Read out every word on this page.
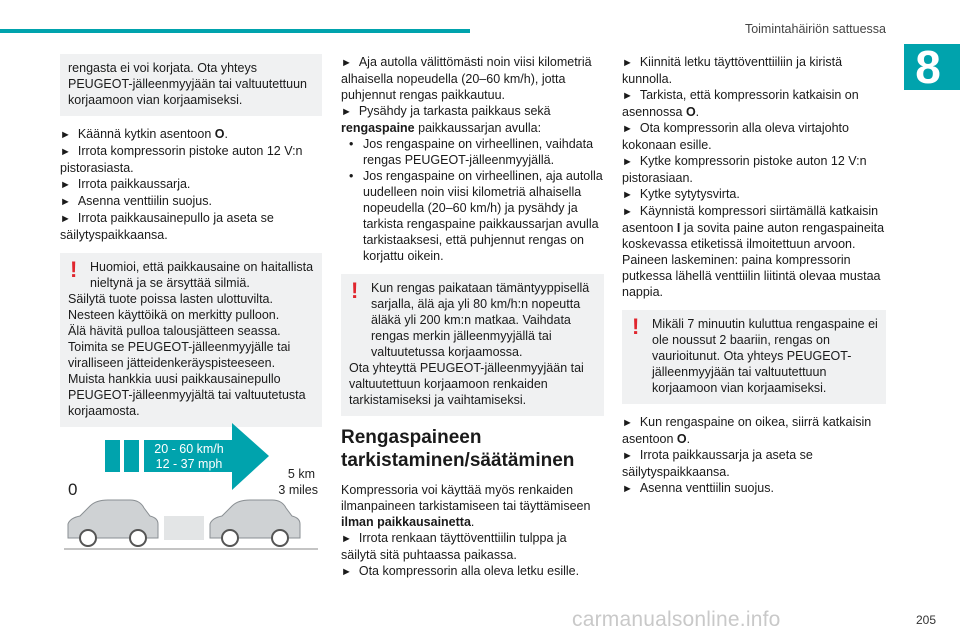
Toimintahäiriön sattuessa
8

rengasta ei voi korjata. Ota yhteys PEUGEOT-jälleenmyyjään tai valtuutettuun korjaamoon vian korjaamiseksi.

► Käännä kytkin asentoon O.

► Irrota kompressorin pistoke auton 12 V:n pistorasiasta.

► Irrota paikkaussarja.

► Asenna venttiilin suojus.

► Irrota paikkausainepullo ja aseta se säilytyspaikkaansa.

!	Huomioi, että paikkausaine on haitallista nieltynä ja se ärsyttää silmiä.

Säilytä tuote poissa lasten ulottuvilta.

Nesteen käyttöikä on merkitty pulloon.

Älä hävitä pulloa talousjätteen seassa. Toimita se PEUGEOT-jälleenmyyjälle tai viralliseen jätteidenkeräyspisteeseen.

Muista hankkia uusi paikkausainepullo PEUGEOT-jälleenmyyjältä tai valtuutetusta korjaamosta.

20 - 60 km/h
12 - 37 mph
0
5 km
3 miles

► Aja autolla välittömästi noin viisi kilometriä alhaisella nopeudella (20–60 km/h), jotta puhjennut rengas paikkautuu.

► Pysähdy ja tarkasta paikkaus sekä rengaspaine paikkaussarjan avulla:

• Jos rengaspaine on virheellinen, vaihdata rengas PEUGEOT-jälleenmyyjällä.

• Jos rengaspaine on virheellinen, aja autolla uudelleen noin viisi kilometriä alhaisella nopeudella (20–60 km/h) ja pysähdy ja tarkista rengaspaine paikkaussarjan avulla tarkistaaksesi, että puhjennut rengas on korjattu oikein.

!	Kun rengas paikataan tämäntyyppisellä sarjalla, älä aja yli 80 km/h:n nopeutta äläkä yli 200 km:n matkaa. Vaihdata rengas merkin jälleenmyyjällä tai valtuutetussa korjaamossa.

Ota yhteyttä PEUGEOT-jälleenmyyjään tai valtuutettuun korjaamoon renkaiden tarkistamiseksi ja vaihtamiseksi.

Rengaspaineen tarkistaminen/säätäminen

Kompressoria voi käyttää myös renkaiden ilmanpaineen tarkistamiseen tai täyttämiseen ilman paikkausainetta.

► Irrota renkaan täyttöventtiilin tulppa ja säilytä sitä puhtaassa paikassa.

► Ota kompressorin alla oleva letku esille.

► Kiinnitä letku täyttöventtiiliin ja kiristä kunnolla.

► Tarkista, että kompressorin katkaisin on asennossa O.

► Ota kompressorin alla oleva virtajohto kokonaan esille.

► Kytke kompressorin pistoke auton 12 V:n pistorasiaan.

► Kytke sytytysvirta.

► Käynnistä kompressori siirtämällä katkaisin asentoon I ja sovita paine auton rengaspaineita koskevassa etiketissä ilmoitettuun arvoon.

Paineen laskeminen: paina kompressorin putkessa lähellä venttiilin liitintä olevaa mustaa nappia.

!	Mikäli 7 minuutin kuluttua rengaspaine ei ole noussut 2 baariin, rengas on vaurioitunut. Ota yhteys PEUGEOT-jälleenmyyjään tai valtuutettuun korjaamoon vian korjaamiseksi.

► Kun rengaspaine on oikea, siirrä katkaisin asentoon O.

► Irrota paikkaussarja ja aseta se säilytyspaikkaansa.

► Asenna venttiilin suojus.

carmanualsonline.info	205
